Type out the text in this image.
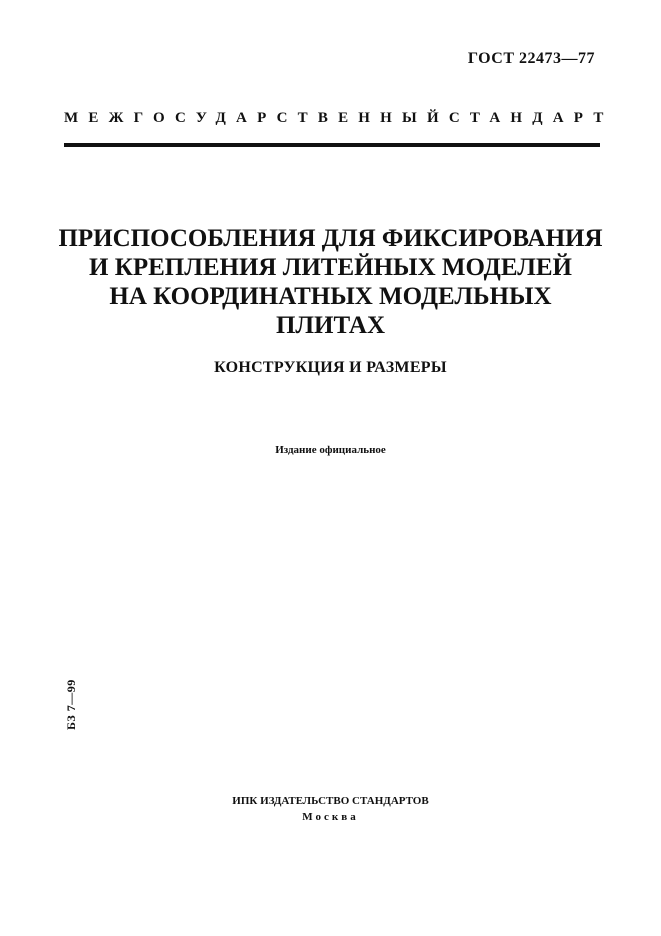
ГОСТ 22473—77
МЕЖГОСУДАРСТВЕННЫЙ СТАНДАРТ
ПРИСПОСОБЛЕНИЯ ДЛЯ ФИКСИРОВАНИЯ
И КРЕПЛЕНИЯ ЛИТЕЙНЫХ МОДЕЛЕЙ
НА КООРДИНАТНЫХ МОДЕЛЬНЫХ
ПЛИТАХ
КОНСТРУКЦИЯ И РАЗМЕРЫ
Издание официальное
БЗ 7—99
ИПК ИЗДАТЕЛЬСТВО СТАНДАРТОВ
Москва
